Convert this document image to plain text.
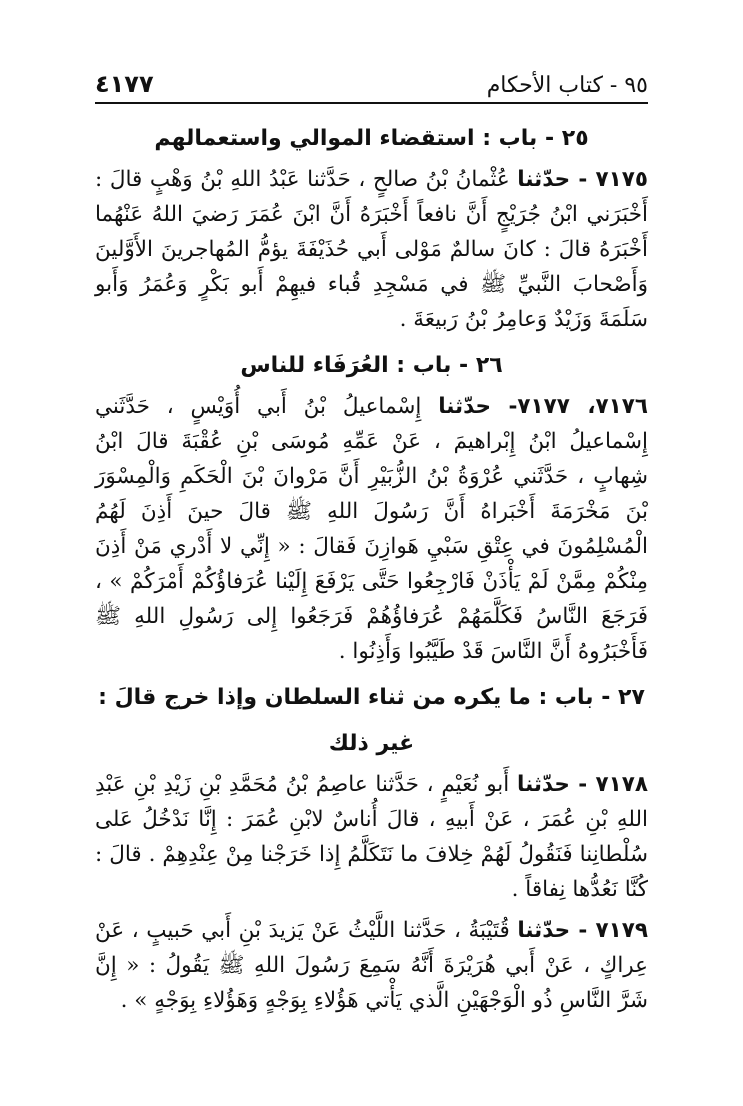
٤١٧٧	٩٥ - كتاب الأحكام
٢٥ - باب : استقضاء الموالي واستعمالهم

٧١٧٥ - حدّثنا عُثْمانُ بْنُ صالحٍ ، حَدَّثنا عَبْدُ اللهِ بْنُ وَهْبٍ قالَ : أَخْبَرَني ابْنُ جُرَيْجٍ أَنَّ نافعاً أَخْبَرَهُ أَنَّ ابْنَ عُمَرَ رَضيَ اللهُ عَنْهُما أَخْبَرَهُ قالَ : كانَ سالمٌ مَوْلى أَبي حُذَيْفَةَ يؤمُّ المُهاجرينَ الأَوَّلينَ وَأَصْحابَ النَّبيِّ ﷺ في مَسْجِدِ قُباء فيهِمْ أَبو بَكْرٍ وَعُمَرُ وَأَبو سَلَمَةَ وَزَيْدٌ وَعامِرُ بْنُ رَبيعَةَ .

٢٦ - باب : العُرَفَاء للناس

٧١٧٦، ٧١٧٧- حدّثنا إِسْماعيلُ بْنُ أَبي أُوَيْسٍ ، حَدَّثَني إِسْماعيلُ ابْنُ إِبْراهيمَ ، عَنْ عَمِّهِ مُوسَى بْنِ عُقْبَةَ قالَ ابْنُ شِهابٍ ، حَدَّثَني عُرْوَةُ بْنُ الزُّبَيْرِ أَنَّ مَرْوانَ بْنَ الْحَكَمِ وَالْمِسْوَرَ بْنَ مَخْرَمَةَ أَخْبَراهُ أَنَّ رَسُولَ اللهِ ﷺ قالَ حينَ أَذِنَ لَهُمُ الْمُسْلِمُونَ في عِتْقِ سَبْيِ هَوازِنَ فَقالَ : « إِنِّي لا أَدْري مَنْ أَذِنَ مِنْكُمْ مِمَّنْ لَمْ يَأْذَنْ فَارْجِعُوا حَتَّى يَرْفَعَ إِلَيْنا عُرَفاؤُكُمْ أَمْرَكُمْ » ، فَرَجَعَ النَّاسُ فَكَلَّمَهُمْ عُرَفاؤُهُمْ فَرَجَعُوا إِلى رَسُولِ اللهِ ﷺ فَأَخْبَرُوهُ أَنَّ النَّاسَ قَدْ طَيَّبُوا وَأَذِنُوا .

٢٧ - باب : ما يكره من ثناء السلطان وإذا خرج قالَ : غير ذلك

٧١٧٨ - حدّثنا أَبو نُعَيْمٍ ، حَدَّثنا عاصِمُ بْنُ مُحَمَّدِ بْنِ زَيْدِ بْنِ عَبْدِ اللهِ بْنِ عُمَرَ ، عَنْ أَبيهِ ، قالَ أُناسٌ لابْنِ عُمَرَ : إِنَّا نَدْخُلُ عَلى سُلْطانِنا فَنَقُولُ لَهُمْ خِلافَ ما نَتَكَلَّمُ إِذا خَرَجْنا مِنْ عِنْدِهِمْ . قالَ : كُنَّا نَعُدُّها نِفاقاً .

٧١٧٩ - حدّثنا قُتَيْبَةُ ، حَدَّثنا اللَّيْثُ عَنْ يَزيدَ بْنِ أَبي حَبيبٍ ، عَنْ عِراكٍ ، عَنْ أَبي هُرَيْرَةَ أَنَّهُ سَمِعَ رَسُولَ اللهِ ﷺ يَقُولُ : « إِنَّ شَرَّ النَّاسِ ذُو الْوَجْهَيْنِ الَّذي يَأْتي هَؤُلاءِ بِوَجْهٍ وَهَؤُلاءِ بِوَجْهٍ » .
